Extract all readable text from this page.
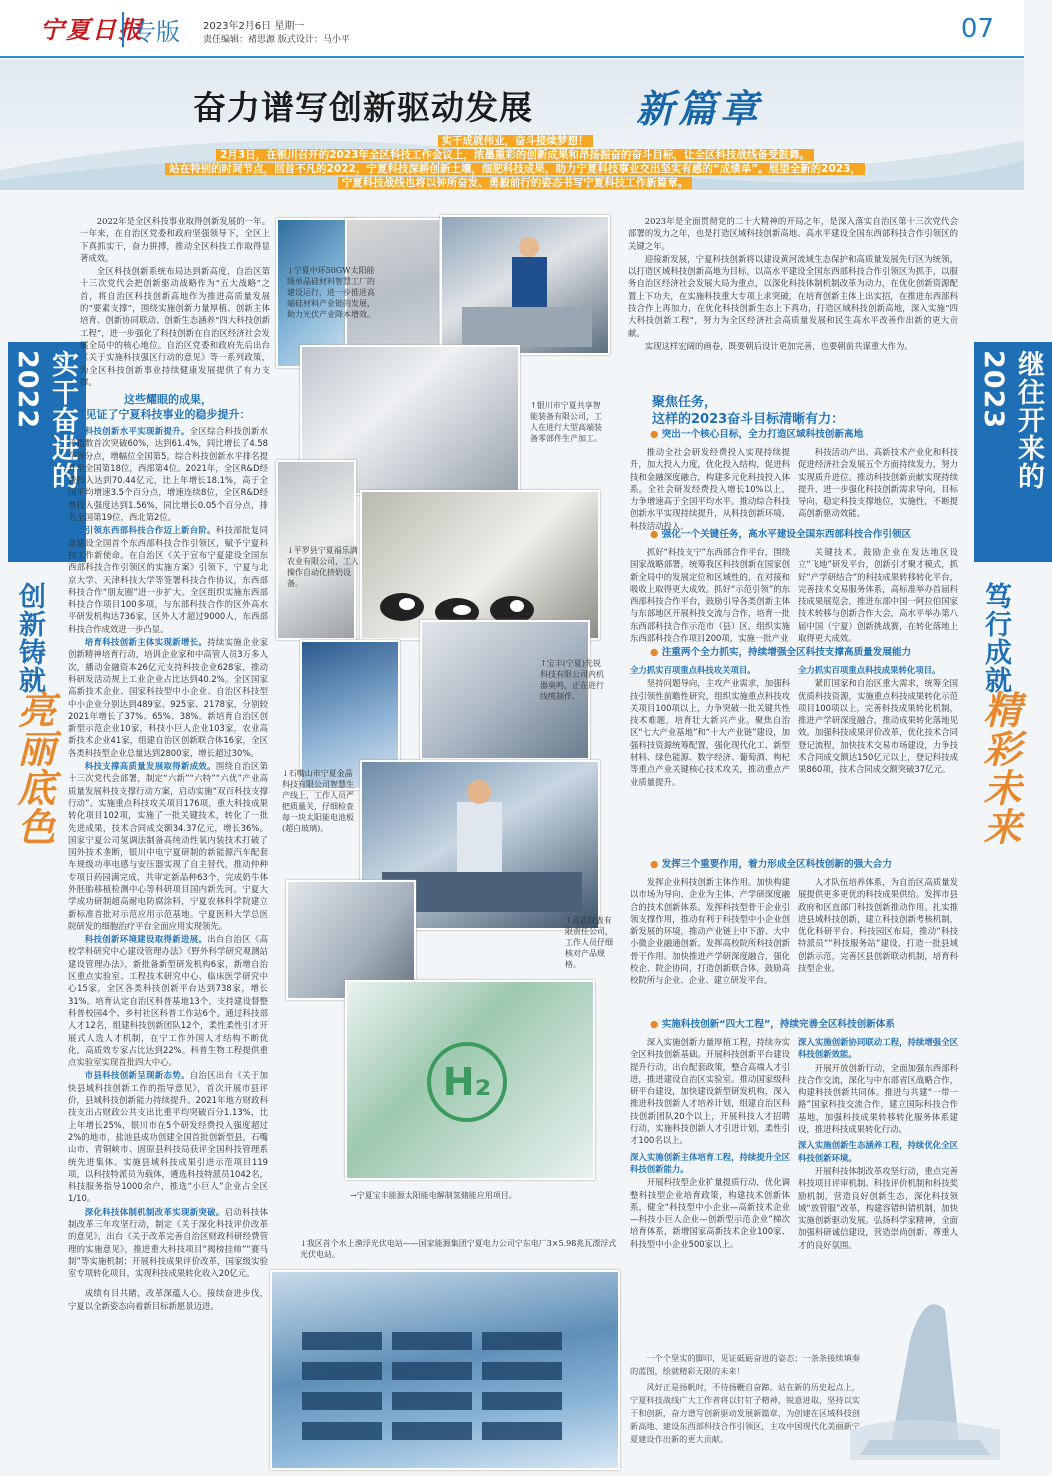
宁夏日报
专版 2023年2月6日 星期一
责任编辑：褚思源 版式设计：马小平	07
奋力谱写创新驱动发展	新篇章

实干成就伟业，奋斗接续梦想！

2月3日，在银川召开的2023年全区科技工作会议上，浓墨重彩的创新成果和昂扬振奋的奋斗目标，让全区科技战线备受鼓舞。

站在特别的时间节点，回首不凡的2022，宁夏科技深耕创新土壤，细肥科技成果，助力宁夏科技事业交出坚实有感的“成绩单”。展望全新的2023，

宁夏科技战线也将以钟所奋发、勇毅前行的姿态书写宁夏科技工作新篇章。

实干奋进的2022
创新铸就
亮丽底色
继往开来的2023
笃行成就
精彩未来

2022年是全区科技事业取得创新发展的一年。一年来，在自治区党委和政府坚强领导下，全区上下真抓实干，奋力拼搏，推动全区科技工作取得显著成效。

全区科技创新系统布局达到新高度，自治区第十三次党代会把创新驱动战略作为“五大战略”之首，将自治区科技创新高地作为推进高质量发展的“要素支撑”，围绕实施创新力量厚植、创新主体培育、创新协同联动、创新生态涵养“四大科技创新工程”，进一步强化了科技创新在自治区经济社会发展全局中的核心地位。自治区党委和政府先后出台《关于实施科技强区行动的意见》等一系列政策，为全区科技创新事业持续健康发展提供了有力支撑。

这些耀眼的成果，
见证了宁夏科技事业的稳步提升：

科技创新水平实现新提升。全区综合科技创新水平指数首次突破60%，达到61.4%，同比增长了4.58个百分点，增幅位全国第5。综合科技创新水平排名提升至全国第18位，西部第4位。2021年，全区R&D经费投入达到70.44亿元，比上年增长18.1%，高于全国平均增速3.5个百分点，增速连续8位，全区R&D经费投入强度达到1.56%，同比增长0.05个百分点，排名全国第19位，西北第2位。

引领东西部科技合作迈上新台阶。科技部批复同意建设全国首个东西部科技合作引领区，赋予宁夏科技工作新使命。在自治区《关于宣布宁夏建设全国东西部科技合作引领区的实施方案》引领下，宁夏与北京大学、天津科技大学等签署科技合作协议，东西部科技合作“朋友圈”进一步扩大。全区组织实施东西部科技合作项目100多项，与东部科技合作的区外高水平研发机构达736家，区外人才超过9000人，东西部科技合作成效进一步凸显。

培育科技创新主体实现新增长。持续实施企业家创新精神培育行动，培训企业家和中高管人员3万多人次，播动金融资本26亿元支持科技企业628家，推动科研发活动规上工业企业占比达到40.2%。全区国家高新技术企业、国家科技型中小企业、自治区科技型中小企业分别达到489家、925家、2178家，分别较2021年增长了37%、65%、38%。新培育自治区创新型示范企业10家，科技小巨人企业103家，农业高新技术企业41家，组建自治区创新联合体16家，全区各类科技型企业总量达到2800家，增长超过30%。

科技支撑高质量发展取得新成效。围绕自治区第十三次党代会部署，制定“六新”“六特”“六优”产业高质量发展科技支撑行动方案，启动实施“双百科技支撑行动”。实施重点科技攻关项目176项，重大科技成果转化项目102项，实施了一批关键技术，转化了一批先进成果，技术合同成交额34.37亿元，增长36%。国家宁夏公司氢调法制备高纯动性氧内装技术打破了国外技术垄断，银川中电宁夏研制的新能源汽车配套车规级功率电感与安压器实现了自主替代，推动仲种专项日药园满完成，共审定新品种63个，完成奶牛体外胚胎移植检测中心等科研项目国内新先河。宁夏大学成功研制超高耐电防腐涂料，宁夏农林科学院建立新标准首批对示范应用示范基地。宁夏医科大学总医院研发的细胞治疗平台全面应用实现领先。

科技创新环境建设取得新进展。出台自治区《高校学科研究中心建设管理办法》《野外科学研究观测站建设管理办法》，新批备新型研发机构6家，新增自治区重点实验室、工程技术研究中心、临床医学研究中心15家，全区各类科技创新平台达到738家，增长31%。培育认定自治区科普基地13个，支持建设督整科普校园4个、乡村社区科普工作站6个。通过科技部人才12名，组建科技创新团队12个，柔性柔性引才开展式人选人才机制，在宁工作外国人才结构不断优化，高质效专家占比达到22%。科普生物工程提供重点实验室实现首批四大中心。

市县科技创新呈现新态势。自治区出台《关于加快县域科技创新工作的指导意见》，首次开展市县评价，县域科技创新能力持续提升。2021年地方财政科技支出占财政公共支出比重平均突破百分1.13%，比上年增长25%，银川市在5个研发经费投入强度超过2%的地市，盐池县成功创建全国首批创新型县，石嘴山市、青铜峡市、固原县科技局获评全国科技管理系统先进集体。实施县域科技成果引进示范项目119项，以科技特派员为载体，遴选科技特派员1042名，科技服务指导1000余户，推选“小巨人”企业占全区1/10。

深化科技体制机制改革实现新突破。启动科技体制改革三年攻坚行动，制定《关于深化科技评价改革的意见》，出台《关于改革完善自治区财政科研经费管理的实施意见》，推进重大科技项目“揭榜挂帅”“赛马制”等实施机制；开展科技成果评价改革，国家级实验室专项转化项目，实现科技成果转化收入20亿元。

成绩有目共睹，改革深蕴人心。接续奋进步伐，宁夏以全新姿态向着新目标新愿景迈进。

↓宁夏中环50GW太阳能级单晶硅材料智慧工厂的建设运行，进一步推进高端硅材料产业链的发展，助力光伏产业降本增效。
↑银川市宁夏共享智能装备有限公司，工人在进行大型高端装备零部件生产加工。
↓平罗县宁夏福乐满农业有限公司，工人操作自动化挤奶设备。
↑宝丰(宁夏)先锐科技有限公司内机器臭鸣，正在进行线缆制作。
↓石嘴山市宁夏金晶科技有限公司智慧生产线上，工作人员严把质量关，仔细检查每一块太阳能电池板(超白玻璃)。
↑灵武仪表有限责任公司，工作人员仔细核对产品规格。
H₂
→宁夏宝丰能源太阳能电解制氢储能应用项目。
↓我区首个水上渔浮光伏电站——国家能源集团宁夏电力公司宁东电厂3×5.98兆瓦漂浮式光伏电站。

2023年是全面贯彻党的二十大精神的开局之年，是深入落实自治区第十三次党代会部署的发力之年，也是打造区域科技创新高地、高水平建设全国东西部科技合作引领区的关键之年。

迎接新发展，宁夏科技创新将以建设黄河流域生态保护和高质量发展先行区为统领，以打造区域科技创新高地为目标，以高水平建设全国东西部科技合作引领区为抓手，以服务自治区经济社会发展大局为重点，以深化科技体制机制改革为动力，在优化创新资源配置上下功夫，在实施科技重大专项上求突破，在培育创新主体上出实招，在推进东西部科技合作上再加力，在优化科技创新生态上下真功，打造区域科技创新高地，深入实施“四大科技创新工程”，努力为全区经济社会高质量发展和民生高水平改善作出新的更大贡献。

实现这样宏阔的画卷，既要朝后设计更加完善，也要朝前共谋重大作为。

聚焦任务，
这样的2023奋斗目标清晰有力：
● 突出一个核心目标，全力打造区域科技创新高地

推动全社会研发经费投入实现持续提升，加大投入力度，优化投入结构，促进科技和金融深度融合，构建多元化科技投入体系。全社会研发经费投入增长10%以上，力争增速高于全国平均水平。推动综合科技创新水平实现持续提升，从科技创新环境、科技活动投入、

科技活动产出、高新技术产业化和科技促进经济社会发展五个方面持续发力，努力实现质升进位。推动科技创新贡献实现持续提升，进一步强化科技创新需求导向，目标导向，稳定科技支撑地位，实施性，不断提高创新驱动效能。

● 强化一个关键任务，高水平建设全国东西部科技合作引领区

抓好“科技支宁”东西部合作平台，围绕国家战略部署，统筹我区科技创新在国家创新全局中的发展定位和区域性的，在对接和吸收上取得更大成效。抓好“示范引领”的东西部科技合作平台，鼓励引导各类创新主体与东部地区开展科技交流与合作，培育一批东西部科技合作示范市（县）区，组织实施东西部科技合作项目200项，实施一批产业

关键技术。鼓励企业在发达地区设立“飞地”研发平台，创新引才聚才模式，抓好“产学研结合”的科技成果转移转化平台，完善技术交易服务体系，高标准举办首届科技成果展览会，推进东部中国一阿拉伯国家技术转移与创新合作大会，高水平举办第八届中国（宁夏）创新挑战赛，在转化落地上取得更大成效。

● 注重两个全力抓实，持续增强全区科技支撑高质量发展能力

全力抓实百项重点科技攻关项目。

坚持问题导向，主攻产业需求，加强科技引领性前瞻性研究，组织实施重点科技攻关项目100项以上，力争突破一批关键共性技术难题，培育壮大新兴产业。聚焦自治区“七大产业基地”和“十大产业链”建设，加强科技资源统筹配置，强化现代化工、新型材料、绿色能源、数字经济、葡萄酒、枸杞等重点产业关键核心技术攻关，推动重点产业质量提升。

全力抓实百项重点科技成果转化项目。

紧盯国家和自治区重大需求，统筹全国优质科技资源，实施重点科技成果转化示范项目100项以上，完善科技成果转化机制，推进产学研深度融合，推动成果转化落地见效。加强科技成果评价改革，优化技术合同登记流程，加快技术交易市场建设，力争技术合同成交额达150亿元以上，登记科技成果860项，技术合同成交额突破37亿元。

● 发挥三个重要作用，着力形成全区科技创新的强大合力

发挥企业科技创新主体作用。加快构建以市场为导向、企业为主体、产学研深度融合的技术创新体系。发挥科技型骨干企业引领支撑作用，推动有利于科技型中小企业创新发展的环境，推动产业链上中下游、大中小微企业融通创新。发挥高校院所科技创新骨干作用。加快推进产学研深度融合，强化校企、院企协同，打造创新联合体，鼓励高校院所与企业、企业、建立研发平台。

人才队伍培养体系，为自治区高质量发展提供更多更优的科技成果供给。发挥市县政府和区直部门科技创新推动作用。扎实推进县域科技创新，建立科技创新考核机制，优化科研平台、科技园区布局，推动“科技特派员”“科技服务站”建设，打造一批县域创新示范，完善区县创新联动机制，培育科技型企业。

● 实施科技创新“四大工程”，持续完善全区科技创新体系

深入实施创新力量厚植工程，持续夯实全区科技创新基础。开展科技创新平台建设提升行动，出台配套政策，整合高端人才引进，推进建设自治区实验室。推动国家级科研平台建设，加快建设新型研发机构，深入推进科技创新人才培养计划，组建自治区科技创新团队20个以上，开展科技人才招聘行动，实施科技创新人才引进计划，柔性引才100名以上。

深入实施创新主体培育工程，持续提升全区科技创新能力。

开展科技型企业扩量提质行动，优化调整科技型企业培育政策，构建技术创新体系，健全“科技型中小企业—高新技术企业—科技小巨人企业—创新型示范企业”梯次培育体系，新增国家高新技术企业100家、科技型中小企业500家以上。

深入实施创新协同联动工程，持续增强全区科技创新效能。

开展开放创新行动，全面加强东西部科技合作交流，深化与中东部省区战略合作，构建科技创新共同体。推进与共建“一带一路”国家科技交流合作，建立国际科技合作基地，加强科技成果转移转化服务体系建设，推进科技成果转化行动。

深入实施创新生态涵养工程，持续优化全区科技创新环境。

开展科技体制改革攻坚行动，重点完善科技项目评审机制、科技评价机制和科技奖励机制，营造良好创新生态，深化科技领域“放管服”改革，构建容错纠错机制，加快实施创新驱动发展。弘扬科学家精神，全面加强科研诚信建设，营造崇尚创新、尊重人才的良好氛围。

一个个坚实的脚印，见证砥砺奋进的姿态；一条条接续填奏的蓝图，绘就精彩无限的未来！

风好正是扬帆时，不待扬鞭自奋蹄。站在新的历史起点上，宁夏科技战线广大工作者将以钉钉子精神，锐意进取，坚持以实干和创新，奋力谱写创新驱动发展新篇章，为创建在区域科技创新高地、建设东西部科技合作引领区，主攻中国现代化美丽新宁夏建设作出新的更大贡献。
